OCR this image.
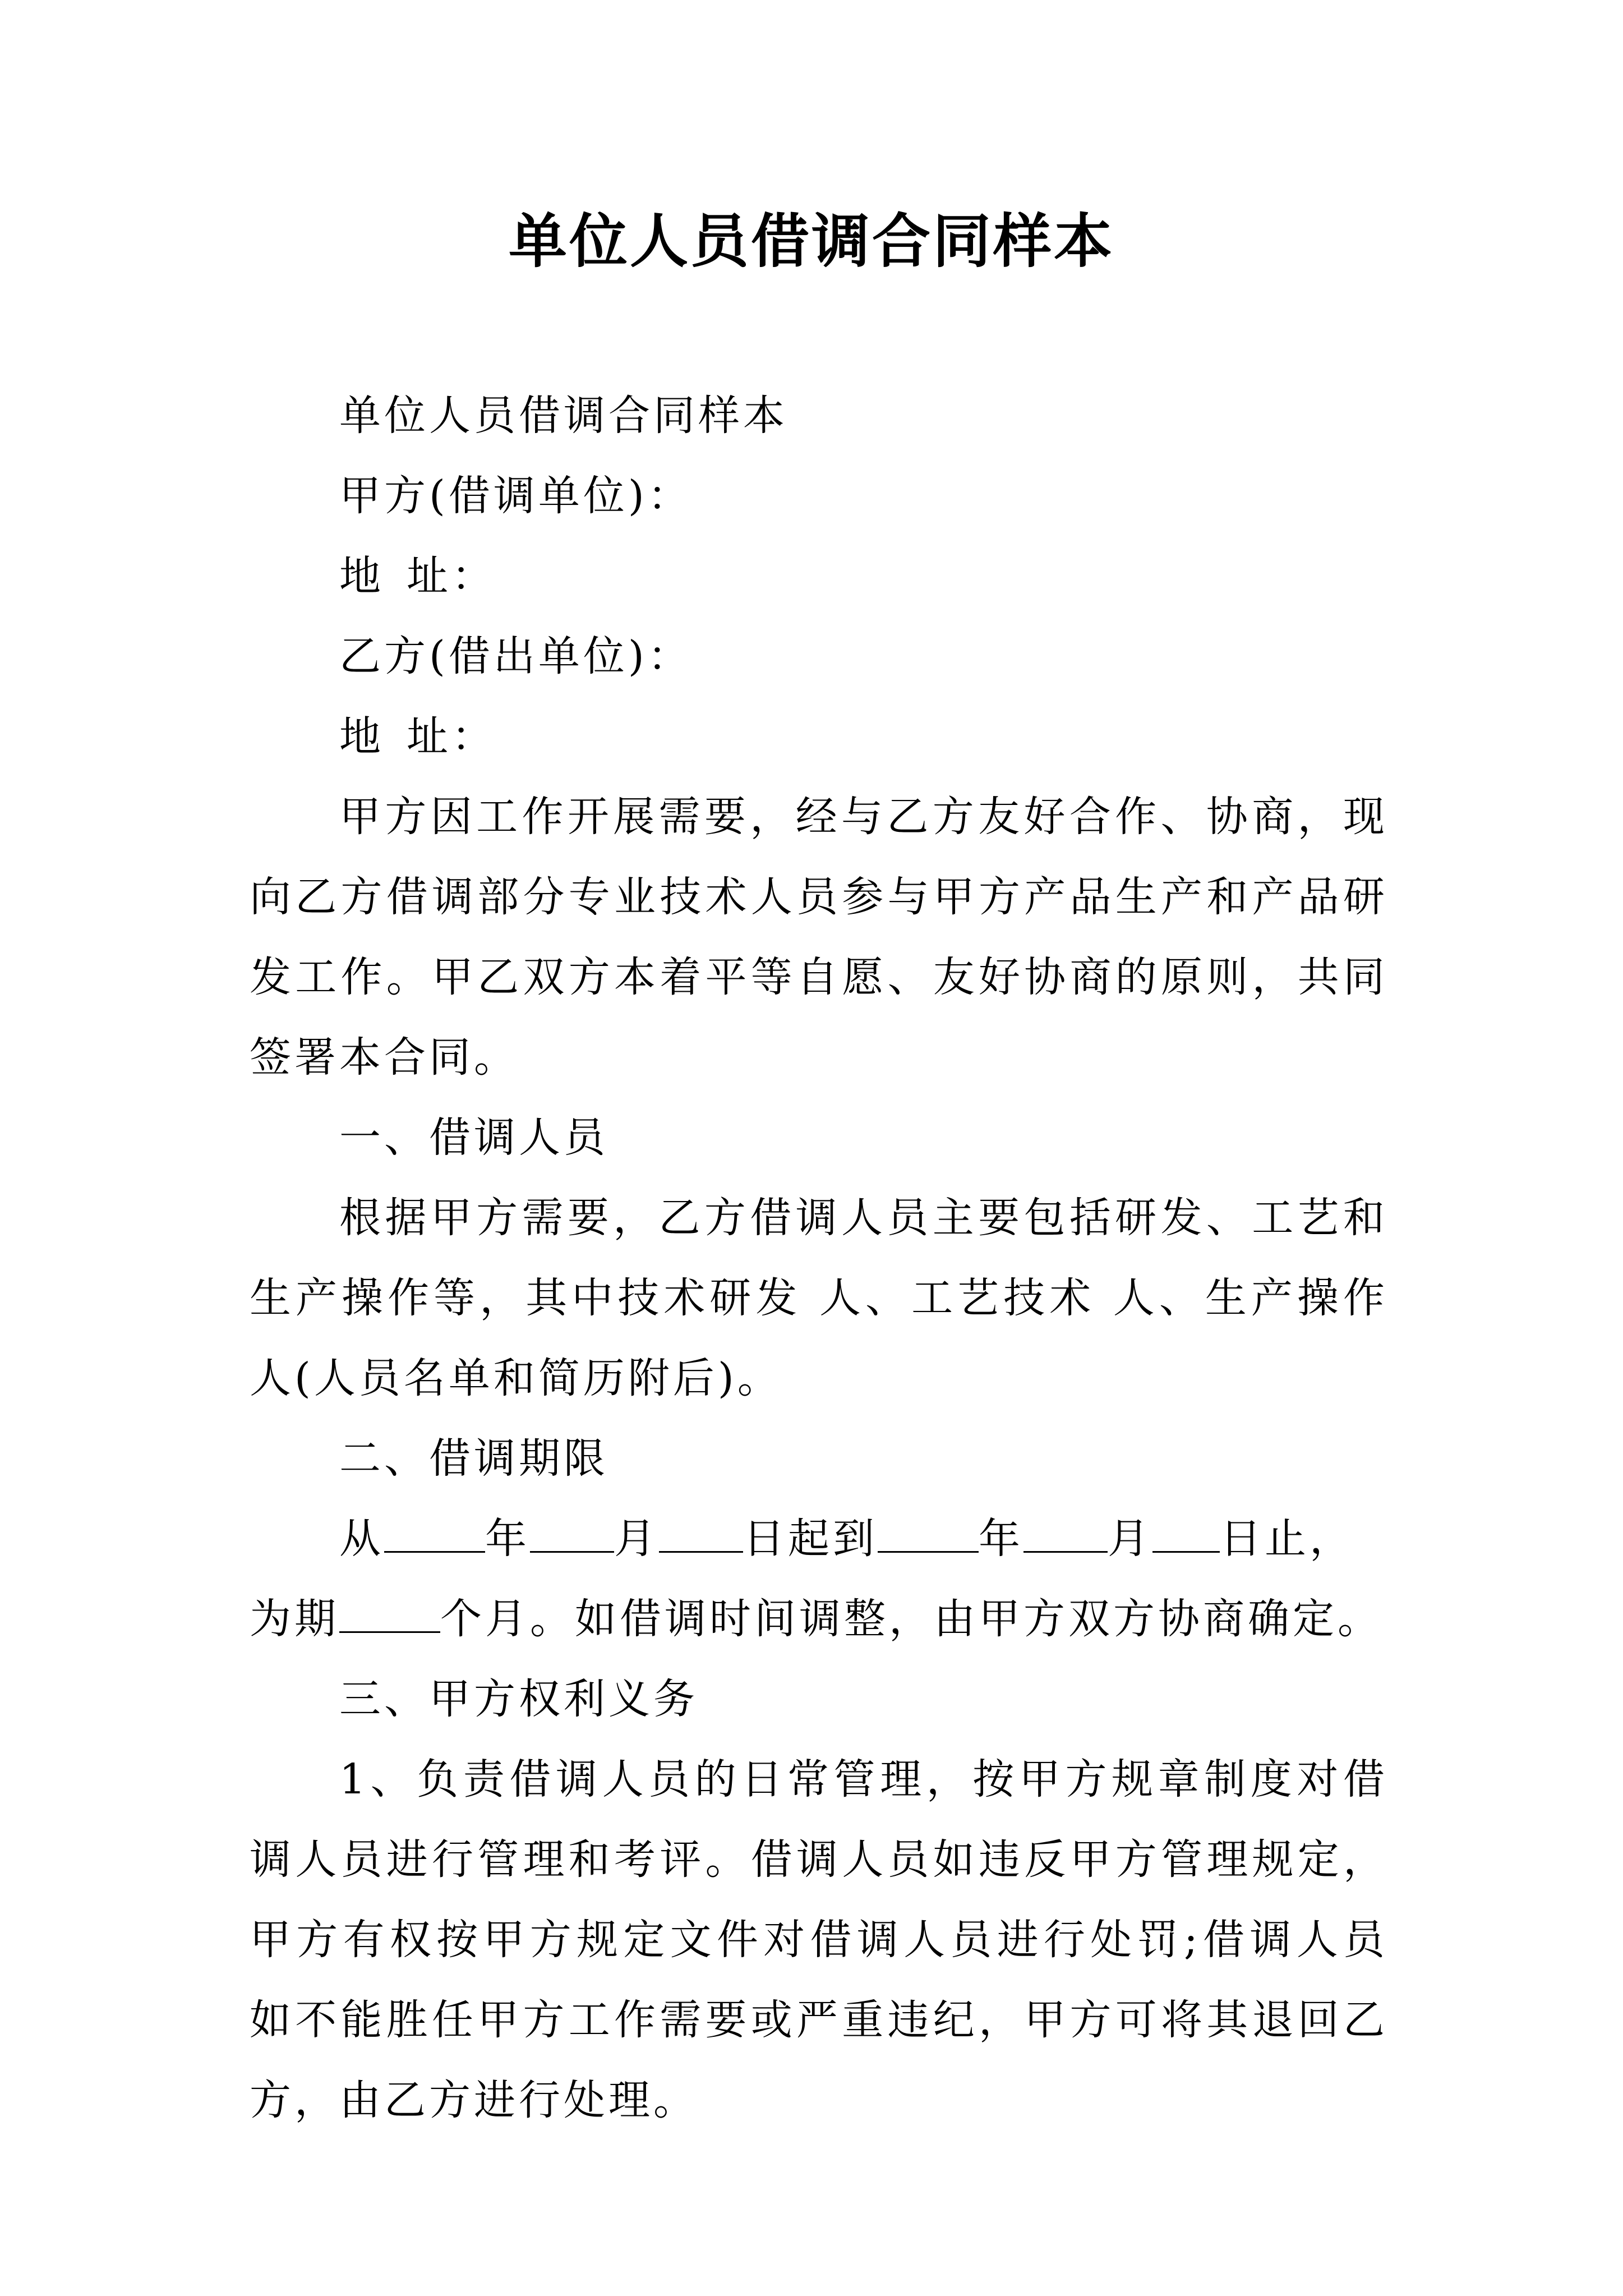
单位人员借调合同样本

单位人员借调合同样本

甲方(借调单位)：

地 址：

乙方(借出单位)：

地 址：

甲方因工作开展需要，经与乙方友好合作、协商，现向乙方借调部分专业技术人员参与甲方产品生产和产品研发工作。甲乙双方本着平等自愿、友好协商的原则，共同签署本合同。

一、借调人员

根据甲方需要，乙方借调人员主要包括研发、工艺和生产操作等，其中技术研发 人、工艺技术 人、生产操作 人(人员名单和简历附后)。

二、借调期限

从 年 月 日起到 年 月 日止，

为期 个月。如借调时间调整，由甲方双方协商确定。

三、甲方权利义务

1、负责借调人员的日常管理，按甲方规章制度对借调人员进行管理和考评。借调人员如违反甲方管理规定，甲方有权按甲方规定文件对借调人员进行处罚;借调人员如不能胜任甲方工作需要或严重违纪，甲方可将其退回乙方，由乙方进行处理。
